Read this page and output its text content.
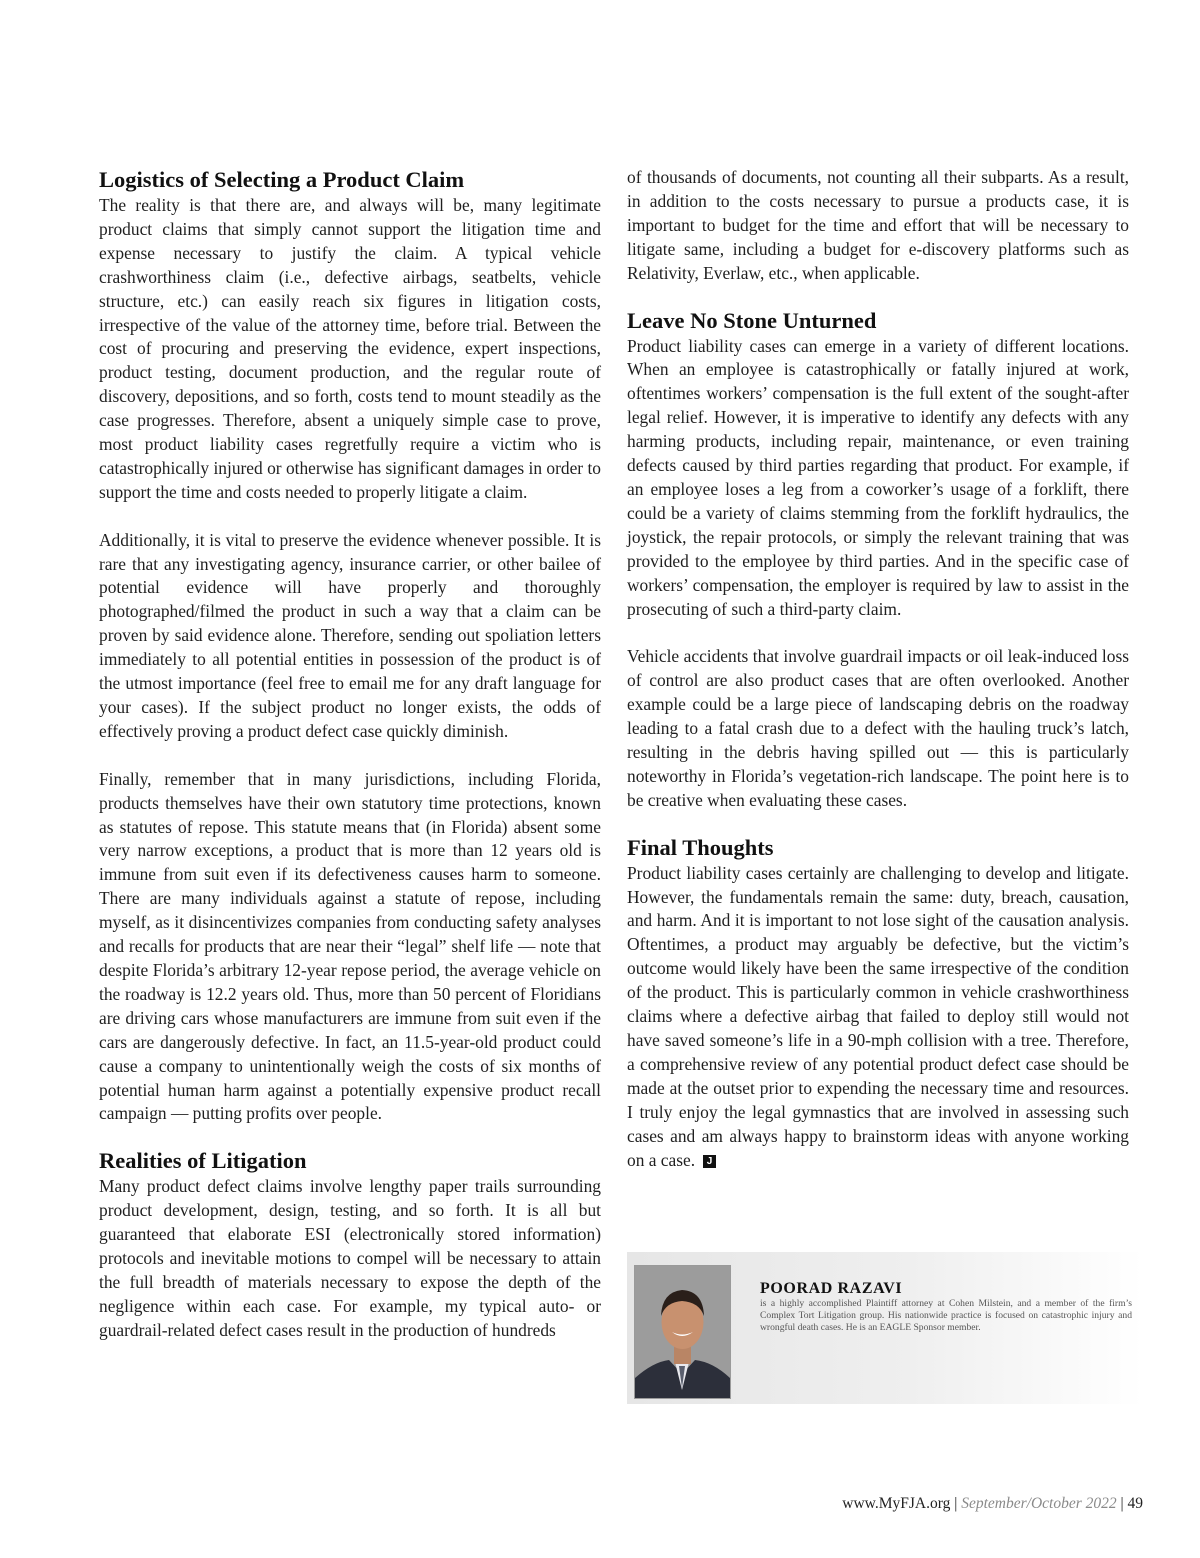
Logistics of Selecting a Product Claim

The reality is that there are, and always will be, many legitimate product claims that simply cannot support the litigation time and expense necessary to justify the claim. A typical vehicle crashworthiness claim (i.e., defective airbags, seatbelts, vehicle structure, etc.) can easily reach six figures in litigation costs, irrespective of the value of the attorney time, before trial. Between the cost of procuring and preserving the evidence, expert inspections, product testing, document production, and the regular route of discovery, depositions, and so forth, costs tend to mount steadily as the case progresses. Therefore, absent a uniquely simple case to prove, most product liability cases regretfully require a victim who is catastrophically injured or otherwise has significant damages in order to support the time and costs needed to properly litigate a claim.

Additionally, it is vital to preserve the evidence whenever possible. It is rare that any investigating agency, insurance carrier, or other bailee of potential evidence will have properly and thoroughly photographed/filmed the product in such a way that a claim can be proven by said evidence alone. Therefore, sending out spoliation letters immediately to all potential entities in possession of the product is of the utmost importance (feel free to email me for any draft language for your cases). If the subject product no longer exists, the odds of effectively proving a product defect case quickly diminish.

Finally, remember that in many jurisdictions, including Florida, products themselves have their own statutory time protections, known as statutes of repose. This statute means that (in Florida) absent some very narrow exceptions, a product that is more than 12 years old is immune from suit even if its defectiveness causes harm to someone. There are many individuals against a statute of repose, including myself, as it disincentivizes companies from conducting safety analyses and recalls for products that are near their “legal” shelf life — note that despite Florida’s arbitrary 12-year repose period, the average vehicle on the roadway is 12.2 years old. Thus, more than 50 percent of Floridians are driving cars whose manufacturers are immune from suit even if the cars are dangerously defective. In fact, an 11.5-year-old product could cause a company to unintentionally weigh the costs of six months of potential human harm against a potentially expensive product recall campaign — putting profits over people.

Realities of Litigation

Many product defect claims involve lengthy paper trails surrounding product development, design, testing, and so forth. It is all but guaranteed that elaborate ESI (electronically stored information) protocols and inevitable motions to compel will be necessary to attain the full breadth of materials necessary to expose the depth of the negligence within each case. For example, my typical auto- or guardrail-related defect cases result in the production of hundreds

of thousands of documents, not counting all their subparts. As a result, in addition to the costs necessary to pursue a products case, it is important to budget for the time and effort that will be necessary to litigate same, including a budget for e-discovery platforms such as Relativity, Everlaw, etc., when applicable.

Leave No Stone Unturned

Product liability cases can emerge in a variety of different locations. When an employee is catastrophically or fatally injured at work, oftentimes workers’ compensation is the full extent of the sought-after legal relief. However, it is imperative to identify any defects with any harming products, including repair, maintenance, or even training defects caused by third parties regarding that product. For example, if an employee loses a leg from a coworker’s usage of a forklift, there could be a variety of claims stemming from the forklift hydraulics, the joystick, the repair protocols, or simply the relevant training that was provided to the employee by third parties. And in the specific case of workers’ compensation, the employer is required by law to assist in the prosecuting of such a third-party claim.

Vehicle accidents that involve guardrail impacts or oil leak-induced loss of control are also product cases that are often overlooked. Another example could be a large piece of landscaping debris on the roadway leading to a fatal crash due to a defect with the hauling truck’s latch, resulting in the debris having spilled out — this is particularly noteworthy in Florida’s vegetation-rich landscape. The point here is to be creative when evaluating these cases.

Final Thoughts

Product liability cases certainly are challenging to develop and litigate. However, the fundamentals remain the same: duty, breach, causation, and harm. And it is important to not lose sight of the causation analysis. Oftentimes, a product may arguably be defective, but the victim’s outcome would likely have been the same irrespective of the condition of the product. This is particularly common in vehicle crashworthiness claims where a defective airbag that failed to deploy still would not have saved someone’s life in a 90-mph collision with a tree. Therefore, a comprehensive review of any potential product defect case should be made at the outset prior to expending the necessary time and resources. I truly enjoy the legal gymnastics that are involved in assessing such cases and am always happy to brainstorm ideas with anyone working on a case. J

POORAD RAZAVI
is a highly accomplished Plaintiff attorney at Cohen Milstein, and a member of the firm’s Complex Tort Litigation group. His nationwide practice is focused on catastrophic injury and wrongful death cases. He is an EAGLE Sponsor member.
www.MyFJA.org | September/October 2022 | 49
